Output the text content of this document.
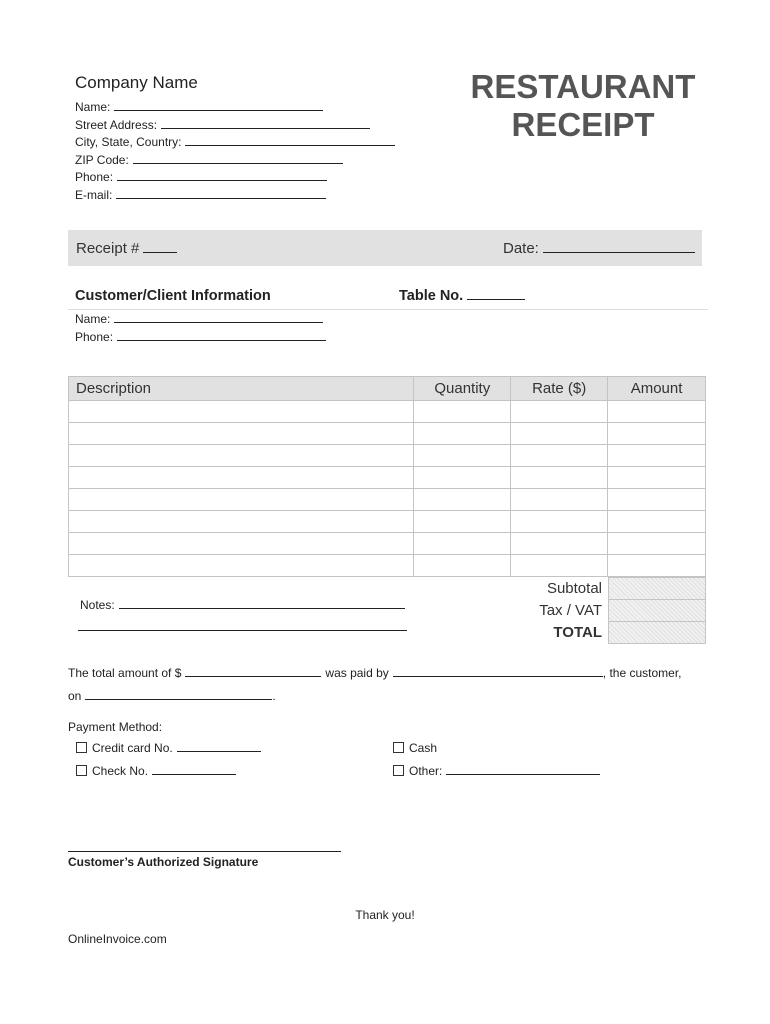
Company Name
Name:
Street Address:
City, State, Country:
ZIP Code:
Phone:
E-mail:
RESTAURANT
RECEIPT
Receipt #	Date:
Customer/Client Information	Table No.
Name:
Phone:
Description	Quantity	Rate ($)	Amount

Subtotal
Tax / VAT
TOTAL
Notes:
The total amount of $	was paid by	, the customer,
on	.
Payment Method:
Credit card No.
Check No.
Cash
Other:
Customer’s Authorized Signature
Thank you!
OnlineInvoice.com
